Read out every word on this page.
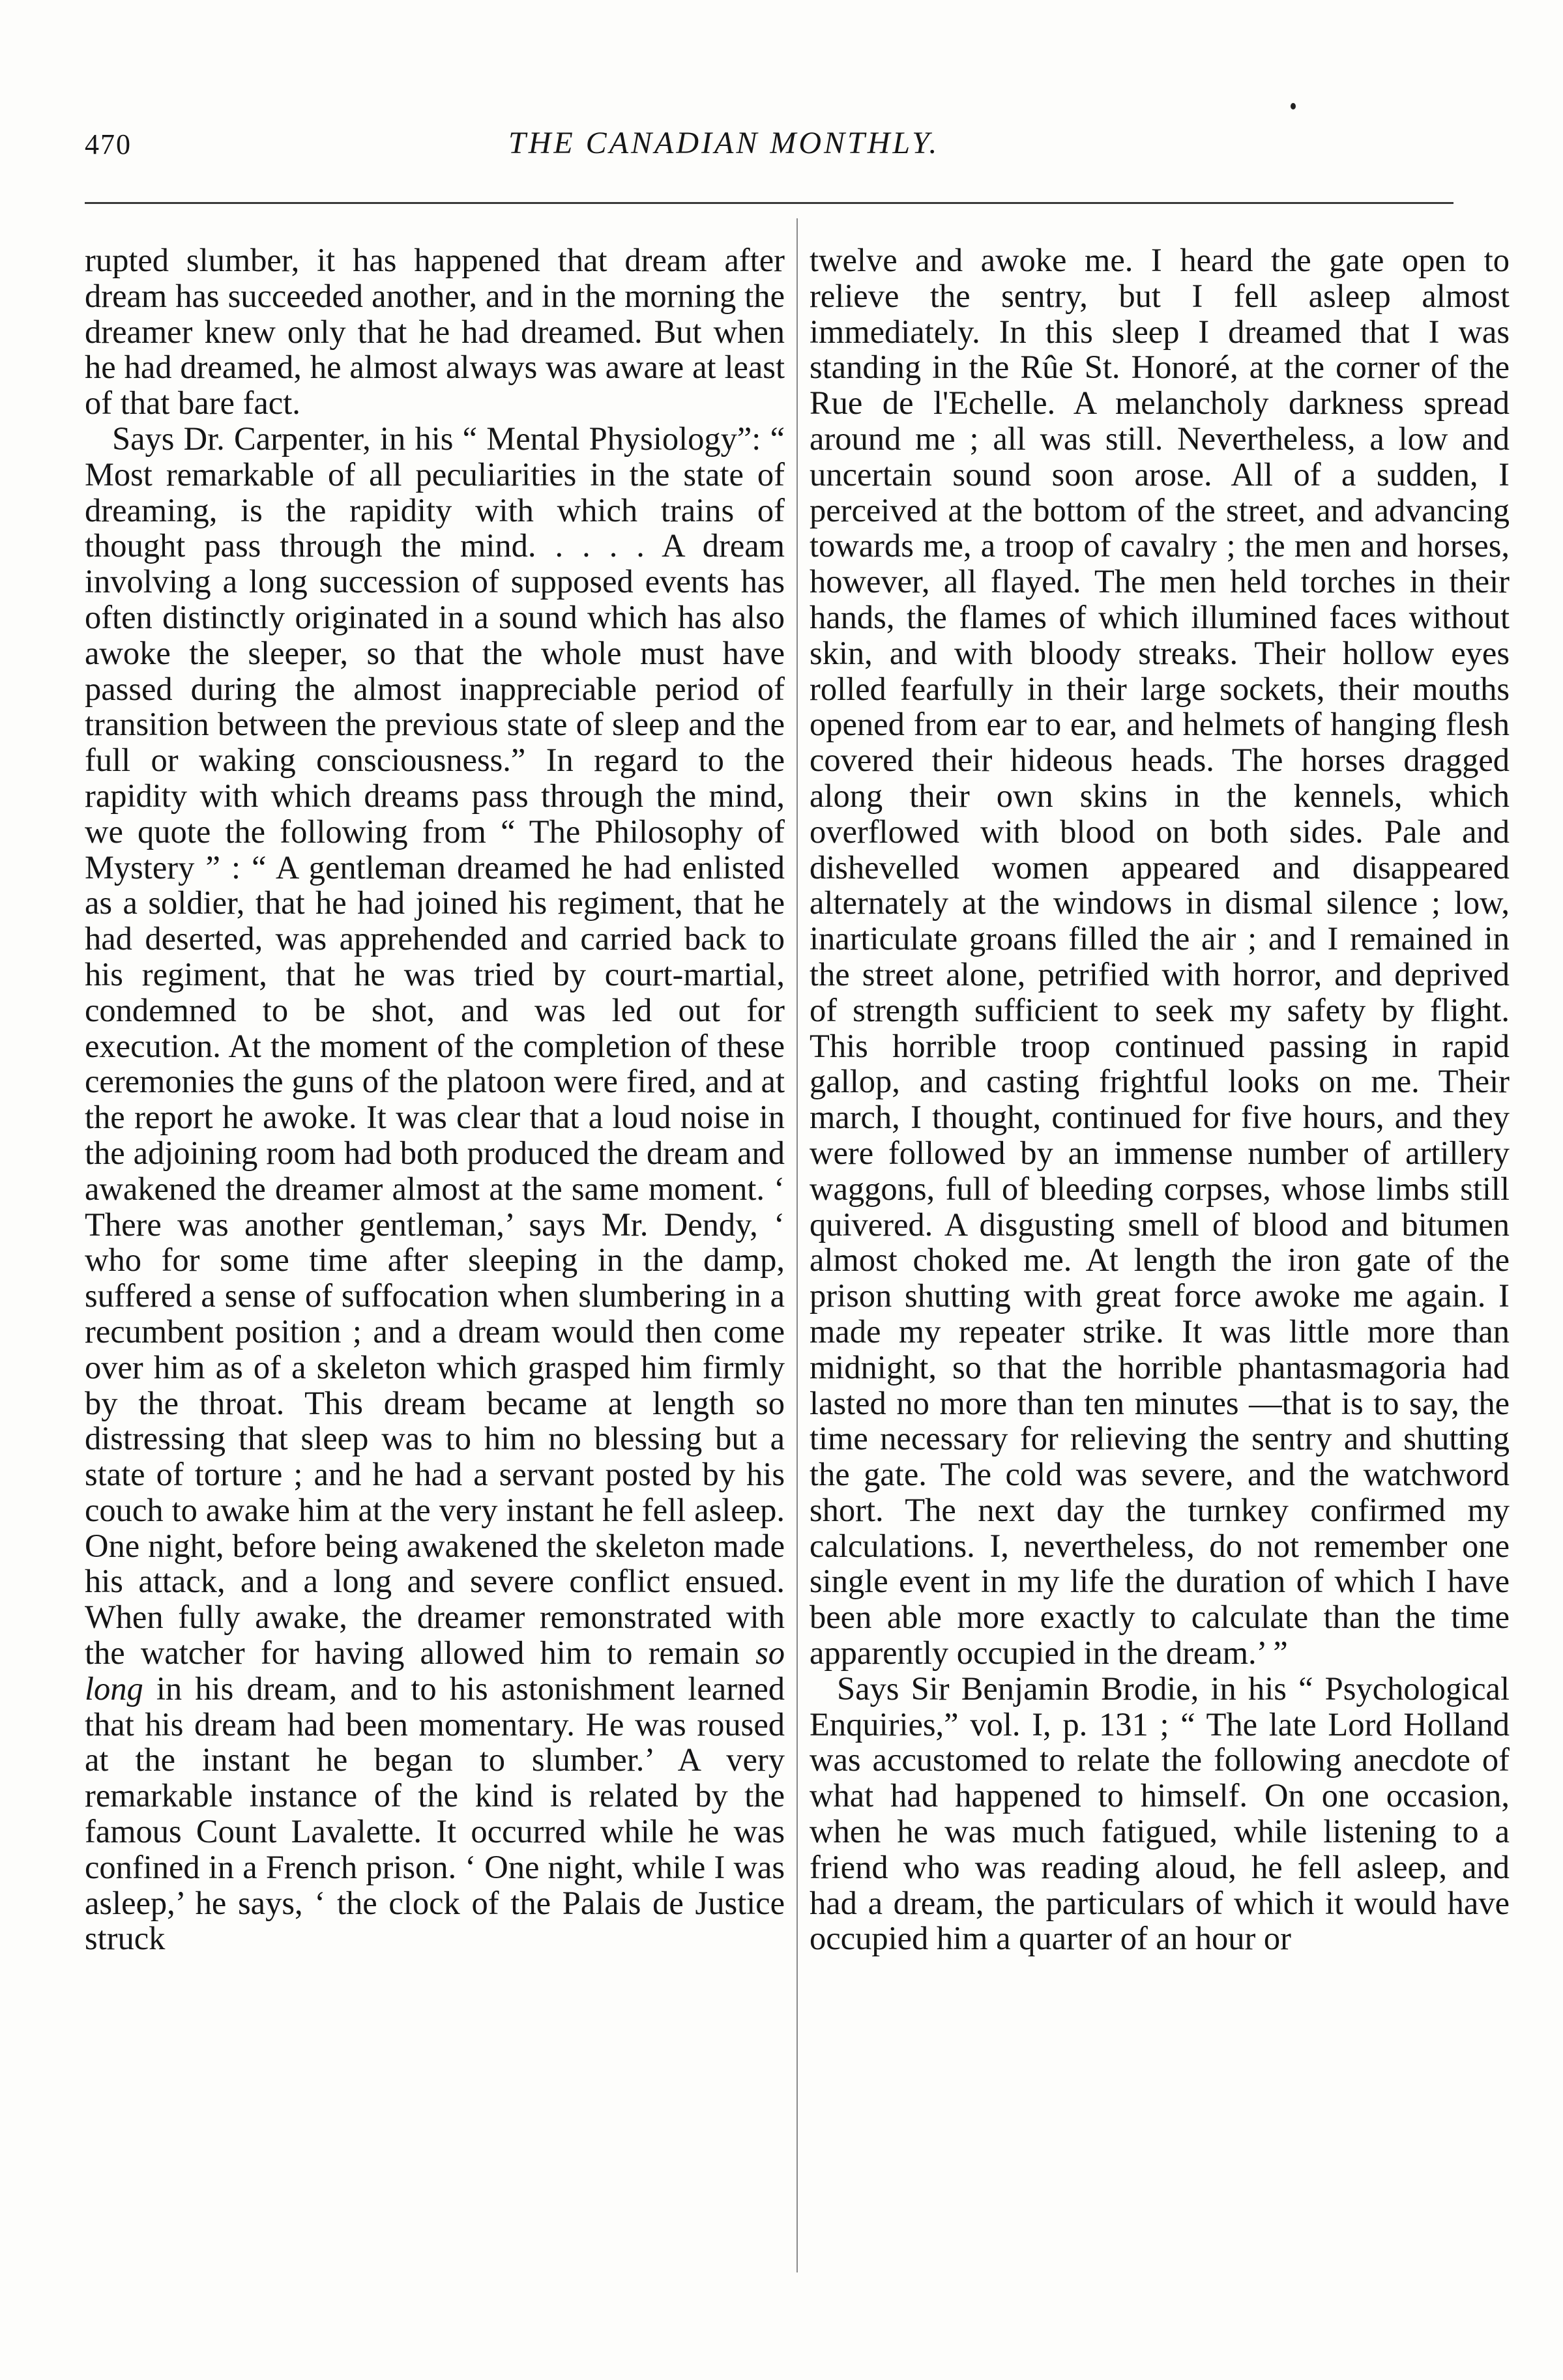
470	THE CANADIAN MONTHLY.

rupted slumber, it has happened that dream after dream has succeeded another, and in the morning the dreamer knew only that he had dreamed. But when he had dreamed, he almost always was aware at least of that bare fact.

Says Dr. Carpenter, in his “ Mental Physiology”: “ Most remarkable of all peculiarities in the state of dreaming, is the rapidity with which trains of thought pass through the mind. . . . . A dream involving a long succession of supposed events has often distinctly originated in a sound which has also awoke the sleeper, so that the whole must have passed during the almost inappreciable period of transition between the previous state of sleep and the full or waking consciousness.” In regard to the rapidity with which dreams pass through the mind, we quote the following from “ The Philosophy of Mystery ” : “ A gentleman dreamed he had enlisted as a soldier, that he had joined his regiment, that he had deserted, was apprehended and carried back to his regiment, that he was tried by court-martial, condemned to be shot, and was led out for execution. At the moment of the completion of these ceremonies the guns of the platoon were fired, and at the report he awoke. It was clear that a loud noise in the adjoining room had both produced the dream and awakened the dreamer almost at the same moment. ‘ There was another gentleman,’ says Mr. Dendy, ‘ who for some time after sleeping in the damp, suffered a sense of suffocation when slumbering in a recumbent position ; and a dream would then come over him as of a skeleton which grasped him firmly by the throat. This dream became at length so distressing that sleep was to him no blessing but a state of torture ; and he had a servant posted by his couch to awake him at the very instant he fell asleep. One night, before being awakened the skeleton made his attack, and a long and severe conflict ensued. When fully awake, the dreamer remonstrated with the watcher for having allowed him to remain so long in his dream, and to his astonishment learned that his dream had been momentary. He was roused at the instant he began to slumber.’ A very remarkable instance of the kind is related by the famous Count Lavalette. It occurred while he was confined in a French prison. ‘ One night, while I was asleep,’ he says, ‘ the clock of the Palais de Justice struck

twelve and awoke me. I heard the gate open to relieve the sentry, but I fell asleep almost immediately. In this sleep I dreamed that I was standing in the Rûe St. Honoré, at the corner of the Rue de l'Echelle. A melancholy darkness spread around me ; all was still. Nevertheless, a low and uncertain sound soon arose. All of a sudden, I perceived at the bottom of the street, and advancing towards me, a troop of cavalry ; the men and horses, however, all flayed. The men held torches in their hands, the flames of which illumined faces without skin, and with bloody streaks. Their hollow eyes rolled fearfully in their large sockets, their mouths opened from ear to ear, and helmets of hanging flesh covered their hideous heads. The horses dragged along their own skins in the kennels, which overflowed with blood on both sides. Pale and dishevelled women appeared and disappeared alternately at the windows in dismal silence ; low, inarticulate groans filled the air ; and I remained in the street alone, petrified with horror, and deprived of strength sufficient to seek my safety by flight. This horrible troop continued passing in rapid gallop, and casting frightful looks on me. Their march, I thought, continued for five hours, and they were followed by an immense number of artillery waggons, full of bleeding corpses, whose limbs still quivered. A disgusting smell of blood and bitumen almost choked me. At length the iron gate of the prison shutting with great force awoke me again. I made my repeater strike. It was little more than midnight, so that the horrible phantasmagoria had lasted no more than ten minutes —that is to say, the time necessary for relieving the sentry and shutting the gate. The cold was severe, and the watchword short. The next day the turnkey confirmed my calculations. I, nevertheless, do not remember one single event in my life the duration of which I have been able more exactly to calculate than the time apparently occupied in the dream.’ ”

Says Sir Benjamin Brodie, in his “ Psychological Enquiries,” vol. I, p. 131 ; “ The late Lord Holland was accustomed to relate the following anecdote of what had happened to himself. On one occasion, when he was much fatigued, while listening to a friend who was reading aloud, he fell asleep, and had a dream, the particulars of which it would have occupied him a quarter of an hour or
